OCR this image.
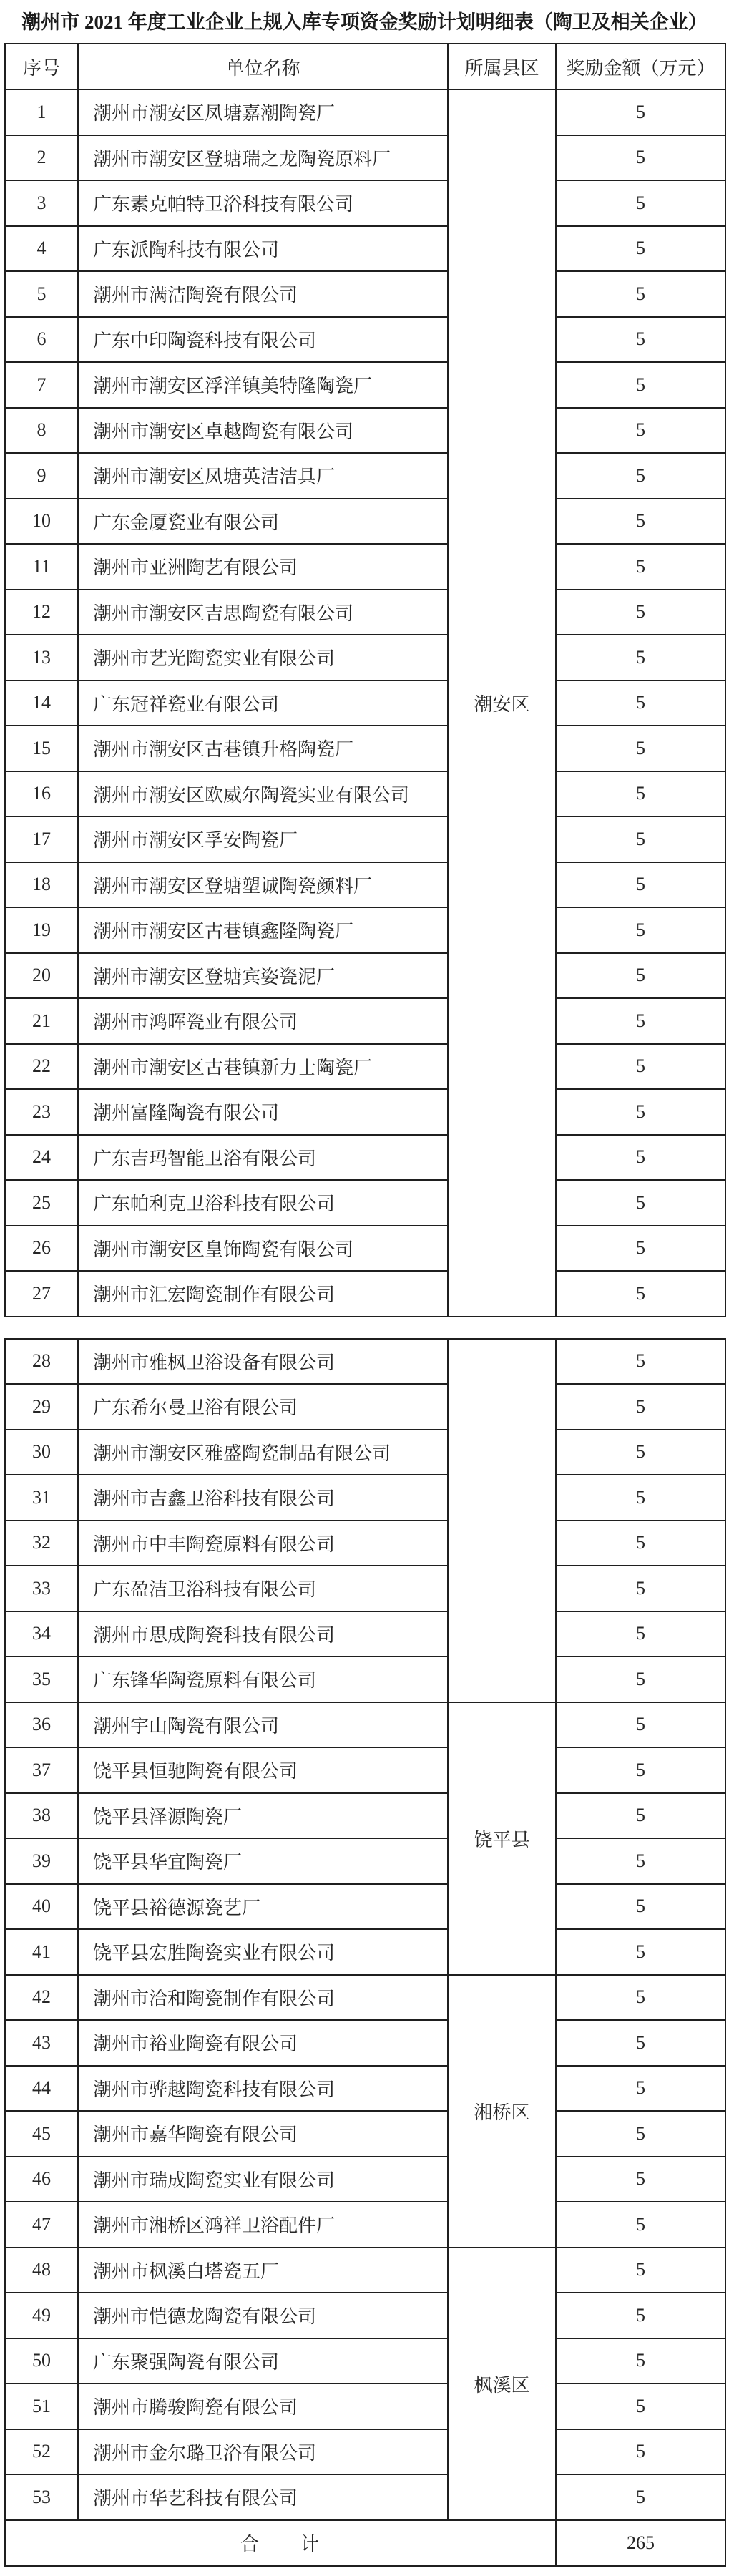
潮州市 2021 年度工业企业上规入库专项资金奖励计划明细表（陶卫及相关企业）
序号	单位名称	所属县区	奖励金额（万元）
1	潮州市潮安区凤塘嘉潮陶瓷厂	潮安区	5
2	潮州市潮安区登塘瑞之龙陶瓷原料厂		5
3	广东素克帕特卫浴科技有限公司		5
4	广东派陶科技有限公司		5
5	潮州市满洁陶瓷有限公司		5
6	广东中印陶瓷科技有限公司		5
7	潮州市潮安区浮洋镇美特隆陶瓷厂		5
8	潮州市潮安区卓越陶瓷有限公司		5
9	潮州市潮安区凤塘英洁洁具厂		5
10	广东金厦瓷业有限公司		5
11	潮州市亚洲陶艺有限公司		5
12	潮州市潮安区吉思陶瓷有限公司		5
13	潮州市艺光陶瓷实业有限公司		5
14	广东冠祥瓷业有限公司		5
15	潮州市潮安区古巷镇升格陶瓷厂		5
16	潮州市潮安区欧威尔陶瓷实业有限公司		5
17	潮州市潮安区孚安陶瓷厂		5
18	潮州市潮安区登塘塑诚陶瓷颜料厂		5
19	潮州市潮安区古巷镇鑫隆陶瓷厂		5
20	潮州市潮安区登塘宾姿瓷泥厂		5
21	潮州市鸿晖瓷业有限公司		5
22	潮州市潮安区古巷镇新力士陶瓷厂		5
23	潮州富隆陶瓷有限公司		5
24	广东吉玛智能卫浴有限公司		5
25	广东帕利克卫浴科技有限公司		5
26	潮州市潮安区皇饰陶瓷有限公司		5
27	潮州市汇宏陶瓷制作有限公司		5
28	潮州市雅枫卫浴设备有限公司		5
29	广东希尔曼卫浴有限公司		5
30	潮州市潮安区雅盛陶瓷制品有限公司		5
31	潮州市吉鑫卫浴科技有限公司		5
32	潮州市中丰陶瓷原料有限公司		5
33	广东盈洁卫浴科技有限公司		5
34	潮州市思成陶瓷科技有限公司		5
35	广东锋华陶瓷原料有限公司		5
36	潮州宇山陶瓷有限公司	饶平县	5
37	饶平县恒驰陶瓷有限公司		5
38	饶平县泽源陶瓷厂		5
39	饶平县华宜陶瓷厂		5
40	饶平县裕德源瓷艺厂		5
41	饶平县宏胜陶瓷实业有限公司		5
42	潮州市洽和陶瓷制作有限公司	湘桥区	5
43	潮州市裕业陶瓷有限公司		5
44	潮州市骅越陶瓷科技有限公司		5
45	潮州市嘉华陶瓷有限公司		5
46	潮州市瑞成陶瓷实业有限公司		5
47	潮州市湘桥区鸿祥卫浴配件厂		5
48	潮州市枫溪白塔瓷五厂	枫溪区	5
49	潮州市恺德龙陶瓷有限公司		5
50	广东聚强陶瓷有限公司		5
51	潮州市腾骏陶瓷有限公司		5
52	潮州市金尔璐卫浴有限公司		5
53	潮州市华艺科技有限公司		5
合　　计			265
